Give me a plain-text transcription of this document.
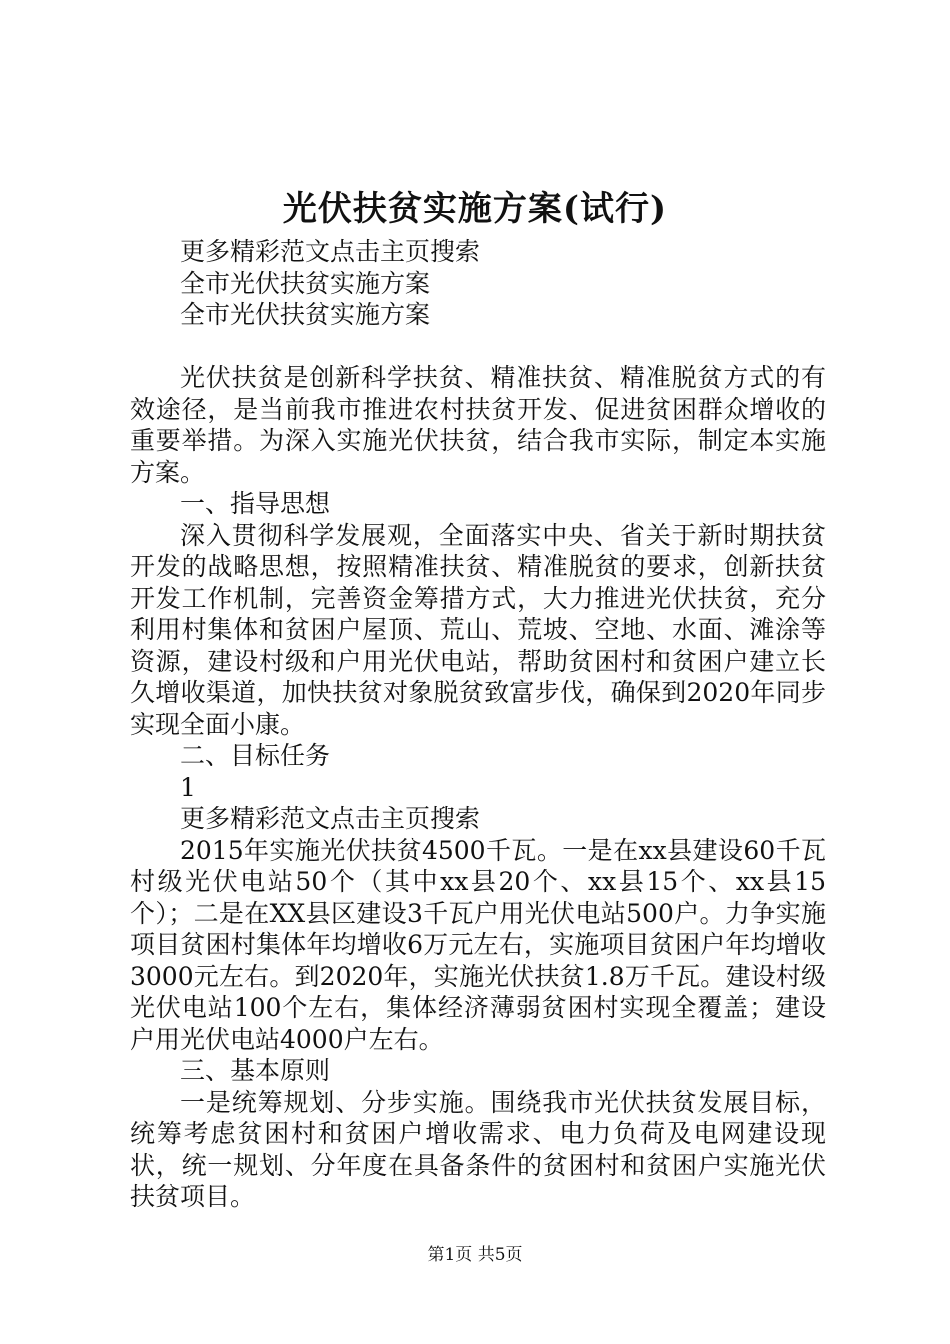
光伏扶贫实施方案(试行)

更多精彩范文点击主页搜索

全市光伏扶贫实施方案

全市光伏扶贫实施方案

光伏扶贫是创新科学扶贫、精准扶贫、精准脱贫方式的有效途径，是当前我市推进农村扶贫开发、促进贫困群众增收的重要举措。为深入实施光伏扶贫，结合我市实际，制定本实施方案。

一、指导思想

深入贯彻科学发展观，全面落实中央、省关于新时期扶贫开发的战略思想，按照精准扶贫、精准脱贫的要求，创新扶贫开发工作机制，完善资金筹措方式，大力推进光伏扶贫，充分利用村集体和贫困户屋顶、荒山、荒坡、空地、水面、滩涂等资源，建设村级和户用光伏电站，帮助贫困村和贫困户建立长久增收渠道，加快扶贫对象脱贫致富步伐，确保到2020年同步实现全面小康。

二、目标任务

1

更多精彩范文点击主页搜索

2015年实施光伏扶贫4500千瓦。一是在xx县建设60千瓦村级光伏电站50个（其中xx县20个、xx县15个、xx县15个）；二是在XX县区建设3千瓦户用光伏电站500户。力争实施项目贫困村集体年均增收6万元左右，实施项目贫困户年均增收3000元左右。到2020年，实施光伏扶贫1.8万千瓦。建设村级光伏电站100个左右，集体经济薄弱贫困村实现全覆盖；建设户用光伏电站4000户左右。

三、基本原则

一是统筹规划、分步实施。围绕我市光伏扶贫发展目标，统筹考虑贫困村和贫困户增收需求、电力负荷及电网建设现状，统一规划、分年度在具备条件的贫困村和贫困户实施光伏扶贫项目。

第1页 共5页
